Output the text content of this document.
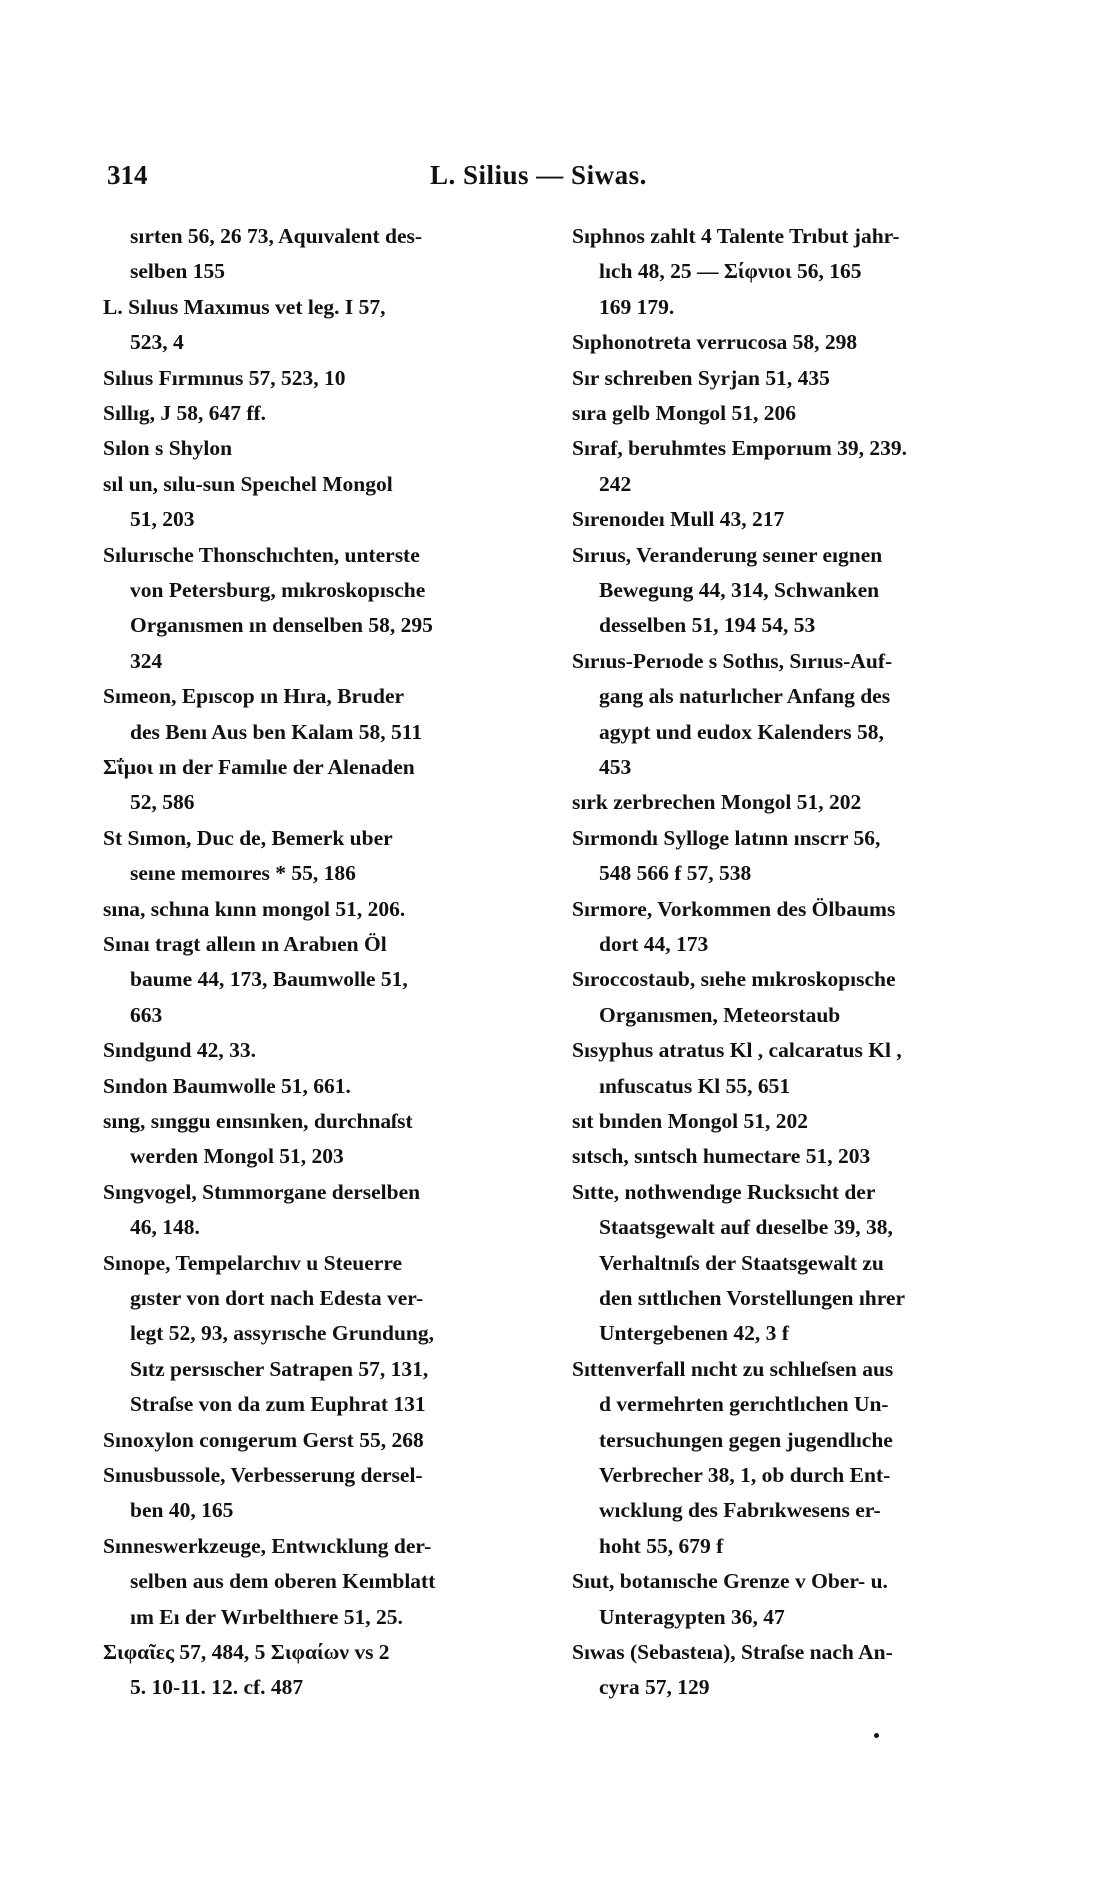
314	L. Silius — Siwas.
sırten 56, 26 73, Aquıvalent des-
selben 155
L. Sılıus Maxımus vet leg. I 57,
523, 4
Sılıus Fırmınus 57, 523, 10
Sıllıg, J 58, 647 ff.
Sılon s Shylon
sıl un, sılu-sun Speıchel Mongol
51, 203
Sılurısche Thonschıchten, unterste
von Petersburg, mıkroskopısche
Organısmen ın denselben 58, 295
324
Sımeon, Epıscop ın Hıra, Bruder
des Benı Aus ben Kalam 58, 511
Σΐμοι ın der Famılıe der Alenaden
52, 586
St Sımon, Duc de, Bemerk uber
seıne memoıres * 55, 186
sına, schına kınn mongol 51, 206.
Sınaı tragt alleın ın Arabıen Öl
baume 44, 173, Baumwolle 51,
663
Sındgund 42, 33.
Sındon Baumwolle 51, 661.
sıng, sınggu eınsınken, durchnaſst
werden Mongol 51, 203
Sıngvogel, Stımmorgane derselben
46, 148.
Sınope, Tempelarchıv u Steuerre
gıster von dort nach Edesta ver-
legt 52, 93, assyrısche Grundung,
Sıtz persıscher Satrapen 57, 131,
Straſse von da zum Euphrat 131
Sınoxylon conıgerum Gerst 55, 268
Sınusbussole, Verbesserung dersel-
ben 40, 165
Sınneswerkzeuge, Entwıcklung der-
selben aus dem oberen Keımblatt
ım Eı der Wırbelthıere 51, 25.
Σιφαῖες 57, 484, 5 Σιφαίων vs 2
5. 10-11. 12. cf. 487
Sıphnos zahlt 4 Talente Trıbut jahr-
lıch 48, 25 — Σίφνιοι 56, 165
169 179.
Sıphonotreta verrucosa 58, 298
Sır schreıben Syrjan 51, 435
sıra gelb Mongol 51, 206
Sıraf, beruhmtes Emporıum 39, 239.
242
Sırenoıdeı Mull 43, 217
Sırıus, Veranderung seıner eıgnen
Bewegung 44, 314, Schwanken
desselben 51, 194 54, 53
Sırıus-Perıode s Sothıs, Sırıus-Auf-
gang als naturlıcher Anfang des
agypt und eudox Kalenders 58,
453
sırk zerbrechen Mongol 51, 202
Sırmondı Sylloge latınn ınscrr 56,
548 566 f 57, 538
Sırmore, Vorkommen des Ölbaums
dort 44, 173
Sıroccostaub, sıehe mıkroskopısche
Organısmen, Meteorstaub
Sısyphus atratus Kl , calcaratus Kl ,
ınfuscatus Kl 55, 651
sıt bınden Mongol 51, 202
sıtsch, sıntsch humectare 51, 203
Sıtte, nothwendıge Rucksıcht der
Staatsgewalt auf dıeselbe 39, 38,
Verhaltnıſs der Staatsgewalt zu
den sıttlıchen Vorstellungen ıhrer
Untergebenen 42, 3 f
Sıttenverfall nıcht zu schlıeſsen aus
d vermehrten gerıchtlıchen Un-
tersuchungen gegen jugendlıche
Verbrecher 38, 1, ob durch Ent-
wıcklung des Fabrıkwesens er-
hoht 55, 679 f
Sıut, botanısche Grenze v Ober- u.
Unteragypten 36, 47
Sıwas (Sebasteıa), Straſse nach An-
cyra 57, 129
